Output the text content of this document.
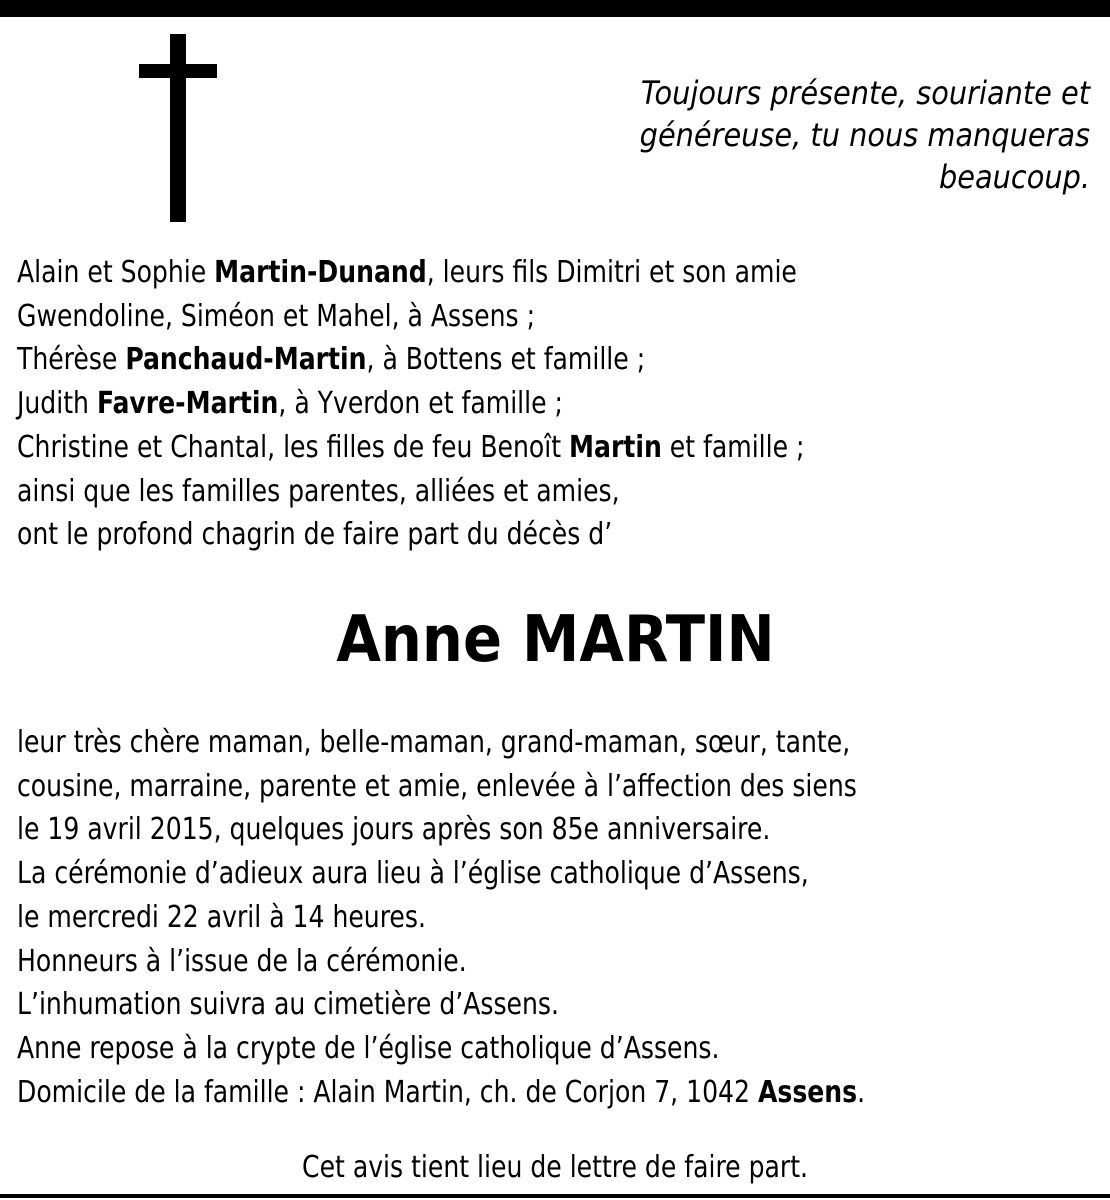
Toujours présente, souriante et
généreuse, tu nous manqueras
beaucoup.
Alain et Sophie Martin-Dunand, leurs fils Dimitri et son amie
Gwendoline, Siméon et Mahel, à Assens ;
Thérèse Panchaud-Martin, à Bottens et famille ;
Judith Favre-Martin, à Yverdon et famille ;
Christine et Chantal, les filles de feu Benoît Martin et famille ;
ainsi que les familles parentes, alliées et amies,
ont le profond chagrin de faire part du décès d’
Anne MARTIN
leur très chère maman, belle-maman, grand-maman, sœur, tante,
cousine, marraine, parente et amie, enlevée à l’affection des siens
le 19 avril 2015, quelques jours après son 85e anniversaire.
La cérémonie d’adieux aura lieu à l’église catholique d’Assens,
le mercredi 22 avril à 14 heures.
Honneurs à l’issue de la cérémonie.
L’inhumation suivra au cimetière d’Assens.
Anne repose à la crypte de l’église catholique d’Assens.
Domicile de la famille : Alain Martin, ch. de Corjon 7, 1042 Assens.
Cet avis tient lieu de lettre de faire part.
